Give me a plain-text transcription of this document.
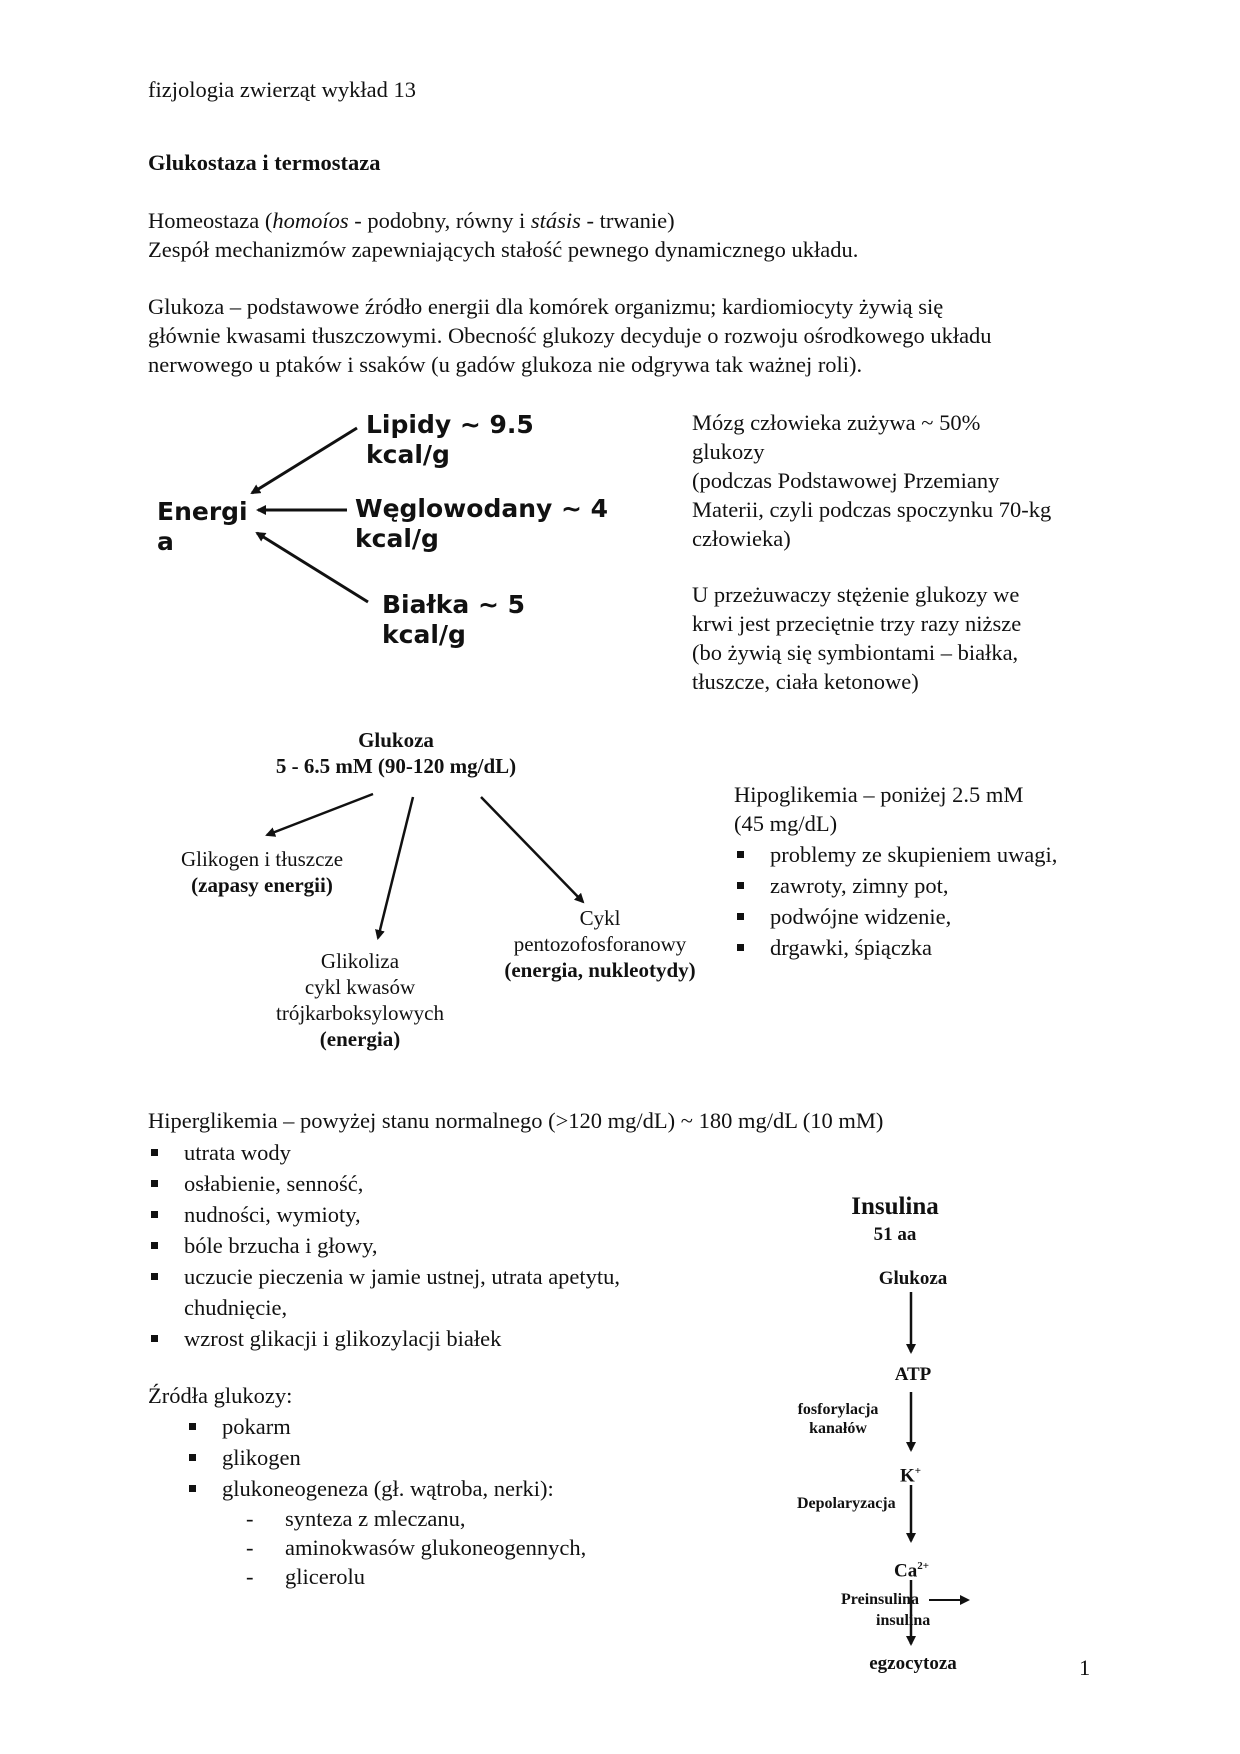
fizjologia zwierząt wykład 13
Glukostaza i termostaza
Homeostaza (homoíos - podobny, równy i stásis - trwanie)
Zespół mechanizmów zapewniających stałość pewnego dynamicznego układu.
Glukoza – podstawowe źródło energii dla komórek organizmu; kardiomiocyty żywią się
głównie kwasami tłuszczowymi. Obecność glukozy decyduje o rozwoju ośrodkowego układu
nerwowego u ptaków i ssaków (u gadów glukoza nie odgrywa tak ważnej roli).
Energi
a
Lipidy ~ 9.5
kcal/g
Węglowodany ~ 4
kcal/g
Białka ~ 5
kcal/g
Mózg człowieka zużywa ~ 50%
glukozy
(podczas Podstawowej Przemiany
Materii, czyli podczas spoczynku 70-kg
człowieka)
U przeżuwaczy stężenie glukozy we
krwi jest przeciętnie trzy razy niższe
(bo żywią się symbiontami – białka,
tłuszcze, ciała ketonowe)
Glukoza
5 - 6.5 mM (90-120 mg/dL)
Glikogen i tłuszcze
(zapasy energii)
Glikoliza
cykl kwasów
trójkarboksylowych
(energia)
Cykl
pentozofosforanowy
(energia, nukleotydy)
Hipoglikemia – poniżej 2.5 mM
(45 mg/dL)
problemy ze skupieniem uwagi,
zawroty, zimny pot,
podwójne widzenie,
drgawki, śpiączka
Hiperglikemia – powyżej stanu normalnego (>120 mg/dL) ~ 180 mg/dL (10 mM)
utrata wody
osłabienie, senność,
nudności, wymioty,
bóle brzucha i głowy,
uczucie pieczenia w jamie ustnej, utrata apetytu,
chudnięcie,
wzrost glikacji i glikozylacji białek
Źródła glukozy:
pokarm
glikogen
glukoneogeneza (gł. wątroba, nerki):
- synteza z mleczanu,
- aminokwasów glukoneogennych,
- glicerolu
Insulina
51 aa
Glukoza
ATP
fosforylacja
kanałów
K+
Depolaryzacja
$Ca^{2+}$
Preinsulina
insulina
egzocytoza	1
